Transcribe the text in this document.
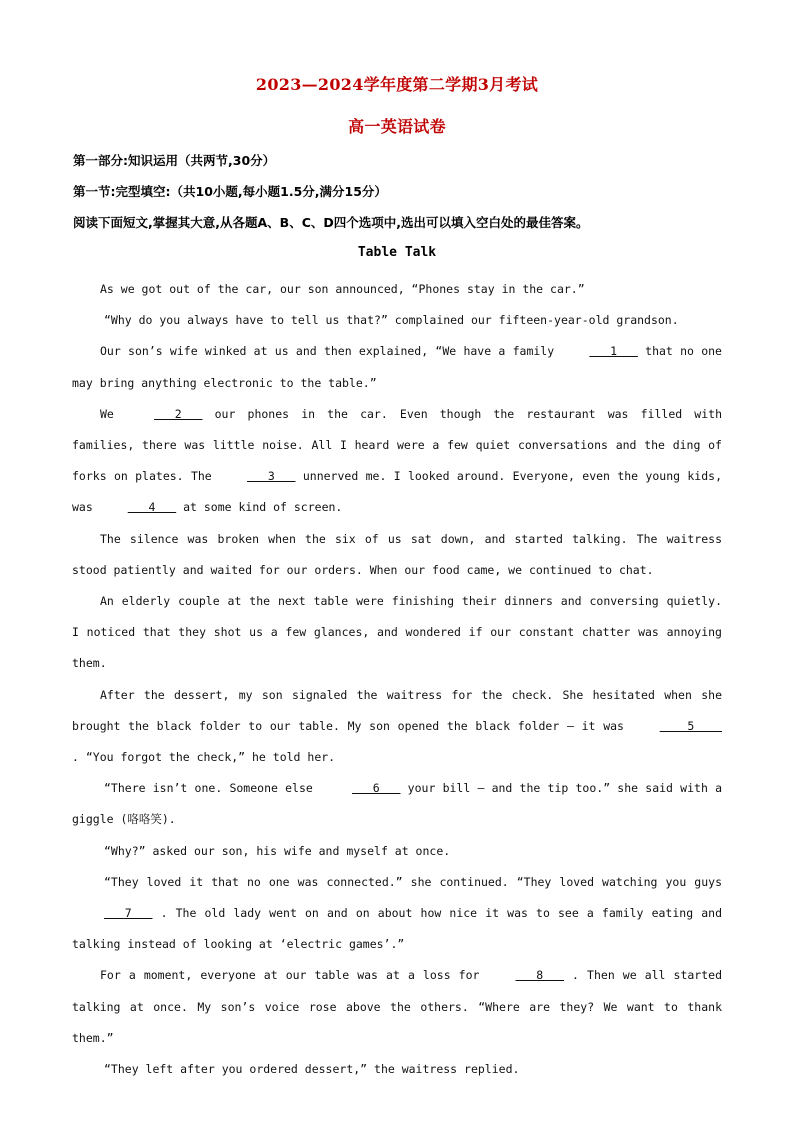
2023—2024学年度第二学期3月考试
高一英语试卷
第一部分:知识运用（共两节,30分）
第一节:完型填空:（共10小题,每小题1.5分,满分15分）
阅读下面短文,掌握其大意,从各题A、B、C、D四个选项中,选出可以填入空白处的最佳答案。
Table Talk

As we got out of the car, our son announced, “Phones stay in the car.”

“Why do you always have to tell us that?” complained our fifteen-year-old grandson.

Our son’s wife winked at us and then explained, “We have a family    1    that no one may bring anything electronic to the table.”

We    2    our phones in the car. Even though the restaurant was filled with families, there was little noise. All I heard were a few quiet conversations and the ding of forks on plates. The    3    unnerved me. I looked around. Everyone, even the young kids, was    4    at some kind of screen.

The silence was broken when the six of us sat down, and started talking. The waitress stood patiently and waited for our orders. When our food came, we continued to chat.

An elderly couple at the next table were finishing their dinners and conversing quietly. I noticed that they shot us a few glances, and wondered if our constant chatter was annoying them.

After the dessert, my son signaled the waitress for the check. She hesitated when she brought the black folder to our table. My son opened the black folder — it was     5     . “You forgot the check,” he told her.

“There isn’t one. Someone else	6    your bill — and the tip too.” she said with a giggle (咯咯笑).

“Why?” asked our son, his wife and myself at once.

“They loved it that no one was connected.” she continued. “They loved watching you guys    7    . The old lady went on and on about how nice it was to see a family eating and talking instead of looking at ‘electric games’.”

For a moment, everyone at our table was at a loss for    8    . Then we all started talking at once. My son’s voice rose above the others. “Where are they? We want to thank them.”

“They left after you ordered dessert,” the waitress replied.
